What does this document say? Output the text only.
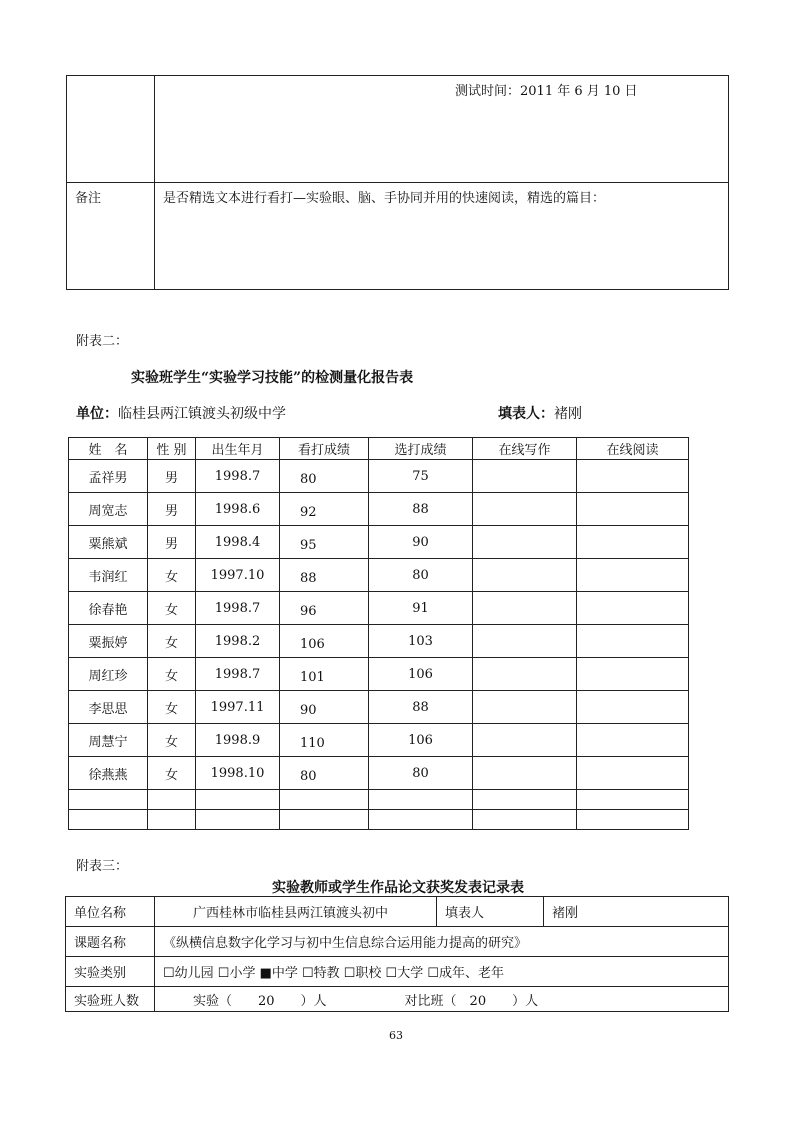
	测试时间：2011 年 6 月 10 日

备注	是否精选文本进行看打—实验眼、脑、手协同并用的快速阅读，精选的篇目：
附表二：
实验班学生“实验学习技能”的检测量化报告表
单位：临桂县两江镇渡头初级中学	填表人：褚刚
姓　名	性 别	出生年月	看打成绩	选打成绩	在线写作	在线阅读
孟祥男	男	1998.7	80	75		
周宽志	男	1998.6	92	88		
粟熊斌	男	1998.4	95	90		
韦润红	女	1997.10	88	80		
徐春艳	女	1998.7	96	91		
粟振婷	女	1998.2	106	103		
周红珍	女	1998.7	101	106		
李思思	女	1997.11	90	88		
周慧宁	女	1998.9	110	106		
徐燕燕	女	1998.10	80	80		

附表三：
实验教师或学生作品论文获奖发表记录表
单位名称	广西桂林市临桂县两江镇渡头初中	填表人	褚刚
课题名称	《纵横信息数字化学习与初中生信息综合运用能力提高的研究》		
实验类别	☐幼儿园 ☐小学 ■中学 ☐特教 ☐职校 ☐大学 ☐成年、老年		
实验班人数	实验（　　20　　）人　　　　　　对比班（　20　　）人		
63
